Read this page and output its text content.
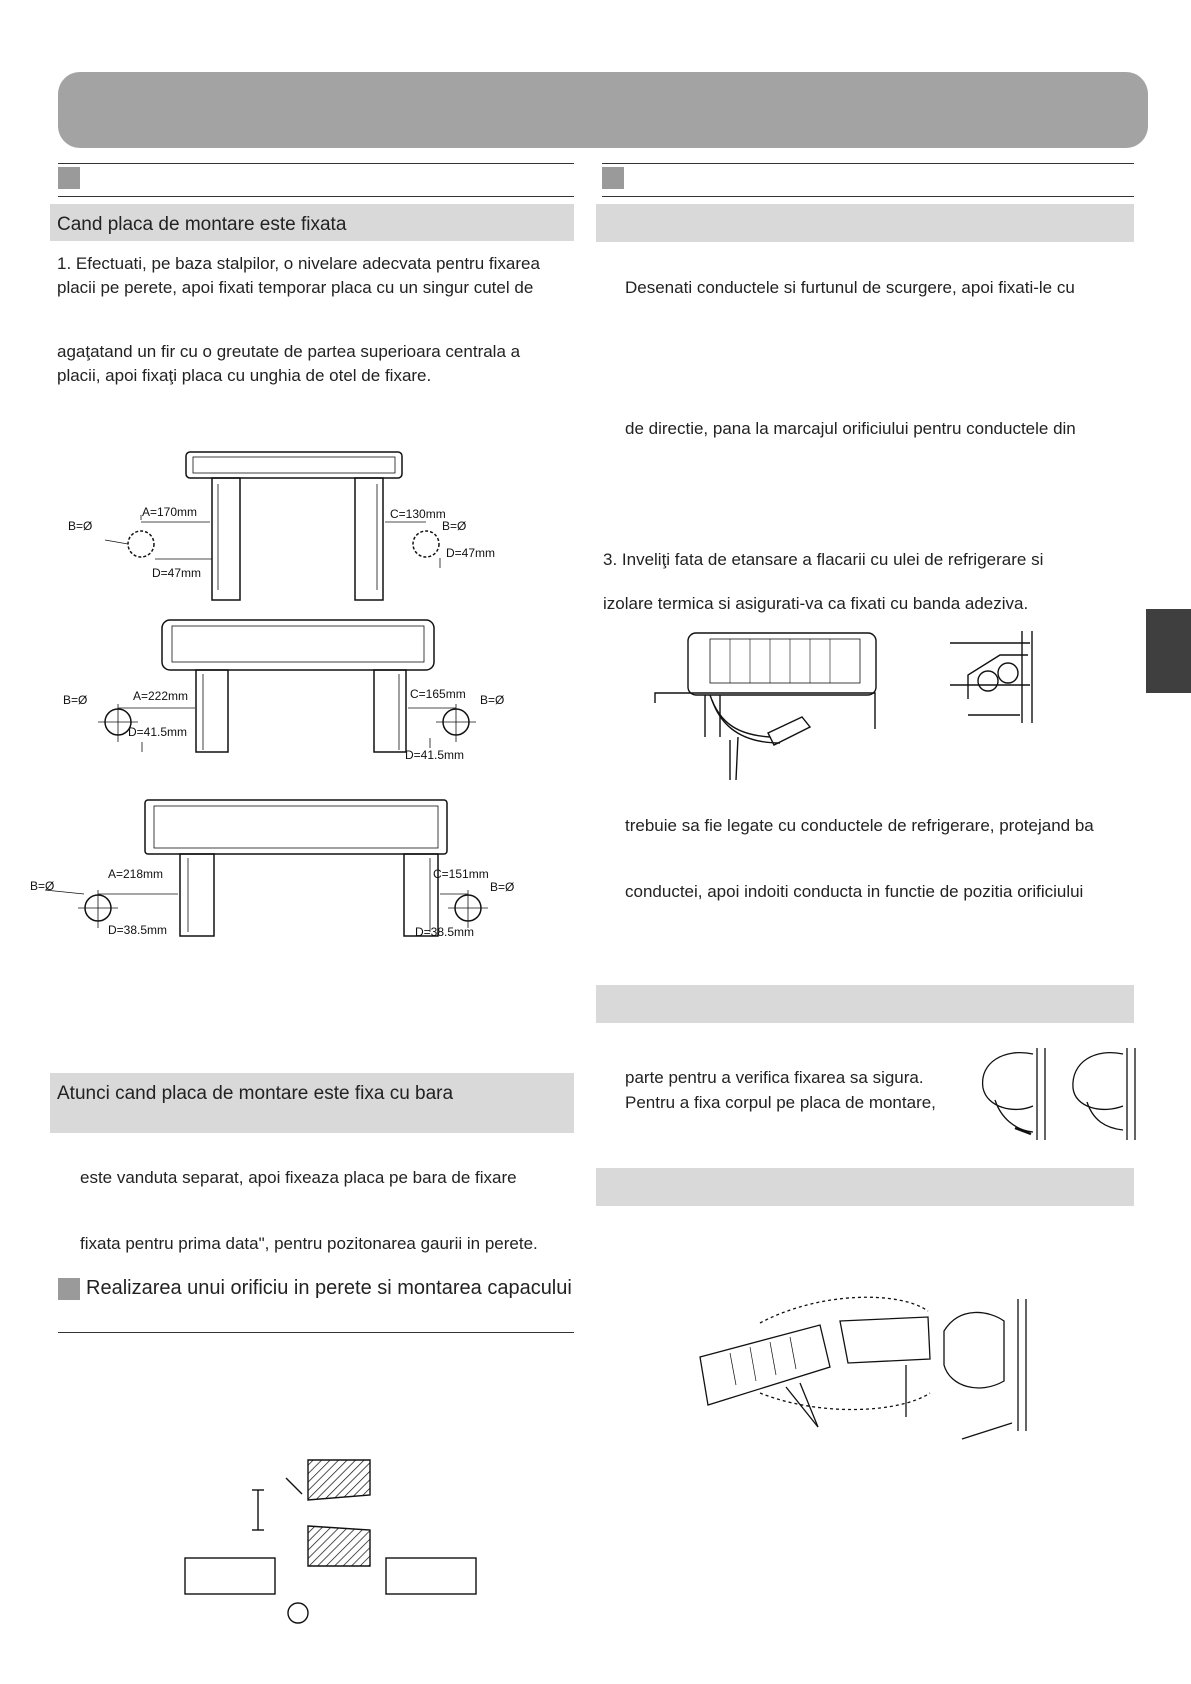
Cand placa de montare este fixata
1. Efectuati, pe baza stalpilor, o nivelare adecvata pentru fixarea
placii pe perete, apoi fixati temporar placa cu un singur cutel de
agaţatand un fir cu o greutate de partea superioara centrala a
placii, apoi fixaţi placa cu unghia de otel de fixare.
B=Ø
A=170mm	C=130mm
B=Ø
D=47mm
D=47mm
B=Ø	A=222mm	C=165mm B=Ø
D=41.5mm
D=41.5mm
B=Ø
A=218mm	C=151mm
B=Ø
D=38.5mm	D=38.5mm
Atunci cand placa de montare este fixa cu bara
este vanduta separat, apoi fixeaza placa pe bara de fixare
fixata pentru prima data", pentru pozitonarea gaurii in perete.
Realizarea unui orificiu in perete si montarea capacului
Desenati conductele si furtunul de scurgere, apoi fixati-le cu
de directie, pana la marcajul orificiului pentru conductele din
3. Inveliţi fata de etansare a flacarii cu ulei de refrigerare si
izolare termica si asigurati-va ca fixati cu banda adeziva.
trebuie sa fie legate cu conductele de refrigerare, protejand ba
conductei, apoi indoiti conducta in functie de pozitia orificiului
parte pentru a verifica fixarea sa sigura.
Pentru a fixa corpul pe placa de montare,
